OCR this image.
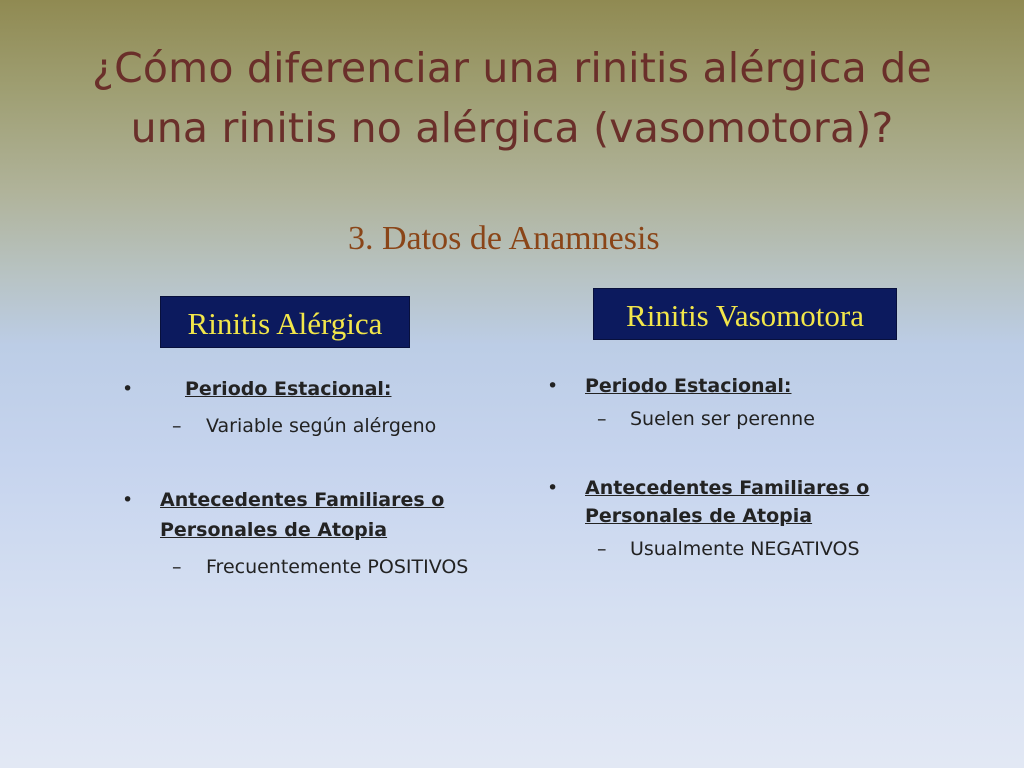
¿Cómo diferenciar una rinitis alérgica de
una rinitis no alérgica (vasomotora)?
3. Datos de Anamnesis
Rinitis Alérgica	Rinitis Vasomotora
•	Periodo Estacional:
– Variable según alérgeno
• Antecedentes Familiares o
Personales de Atopia
– Frecuentemente POSITIVOS
• Periodo Estacional:
– Suelen ser perenne
• Antecedentes Familiares o
Personales de Atopia
– Usualmente NEGATIVOS
